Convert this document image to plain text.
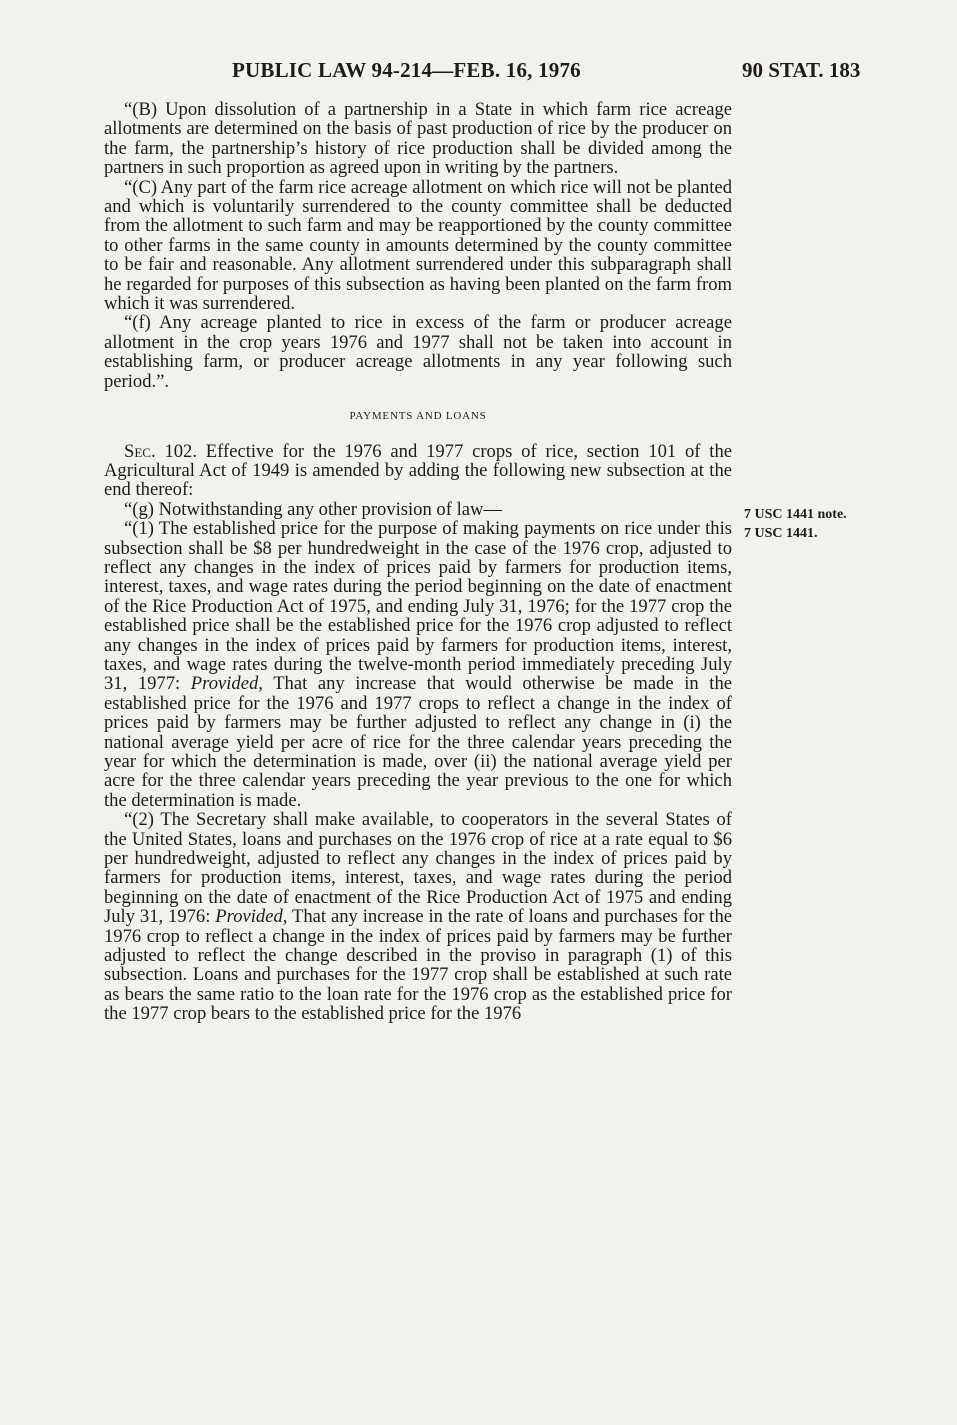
PUBLIC LAW 94-214—FEB. 16, 1976	90 STAT. 183

“(B) Upon dissolution of a partnership in a State in which farm rice acreage allotments are determined on the basis of past production of rice by the producer on the farm, the partnership’s history of rice production shall be divided among the partners in such proportion as agreed upon in writing by the partners.

“(C) Any part of the farm rice acreage allotment on which rice will not be planted and which is voluntarily surrendered to the county committee shall be deducted from the allotment to such farm and may be reapportioned by the county committee to other farms in the same county in amounts determined by the county committee to be fair and reasonable. Any allotment surrendered under this subparagraph shall he regarded for purposes of this subsection as having been planted on the farm from which it was surrendered.

“(f) Any acreage planted to rice in excess of the farm or producer acreage allotment in the crop years 1976 and 1977 shall not be taken into account in establishing farm, or producer acreage allotments in any year following such period.”.

PAYMENTS AND LOANS

Sec. 102. Effective for the 1976 and 1977 crops of rice, section 101 of the Agricultural Act of 1949 is amended by adding the following new subsection at the end thereof:

“(g) Notwithstanding any other provision of law—

“(1) The established price for the purpose of making payments on rice under this subsection shall be $8 per hundredweight in the case of the 1976 crop, adjusted to reflect any changes in the index of prices paid by farmers for production items, interest, taxes, and wage rates during the period beginning on the date of enactment of the Rice Production Act of 1975, and ending July 31, 1976; for the 1977 crop the established price shall be the established price for the 1976 crop adjusted to reflect any changes in the index of prices paid by farmers for production items, interest, taxes, and wage rates during the twelve-month period immediately preceding July 31, 1977: Provided, That any increase that would otherwise be made in the established price for the 1976 and 1977 crops to reflect a change in the index of prices paid by farmers may be further adjusted to reflect any change in (i) the national average yield per acre of rice for the three calendar years preceding the year for which the determination is made, over (ii) the national average yield per acre for the three calendar years preceding the year previous to the one for which the determination is made.

“(2) The Secretary shall make available, to cooperators in the several States of the United States, loans and purchases on the 1976 crop of rice at a rate equal to $6 per hundredweight, adjusted to reflect any changes in the index of prices paid by farmers for production items, interest, taxes, and wage rates during the period beginning on the date of enactment of the Rice Production Act of 1975 and ending July 31, 1976: Provided, That any increase in the rate of loans and purchases for the 1976 crop to reflect a change in the index of prices paid by farmers may be further adjusted to reflect the change described in the proviso in paragraph (1) of this subsection. Loans and purchases for the 1977 crop shall be established at such rate as bears the same ratio to the loan rate for the 1976 crop as the established price for the 1977 crop bears to the established price for the 1976

7 USC 1441 note.
7 USC 1441.
